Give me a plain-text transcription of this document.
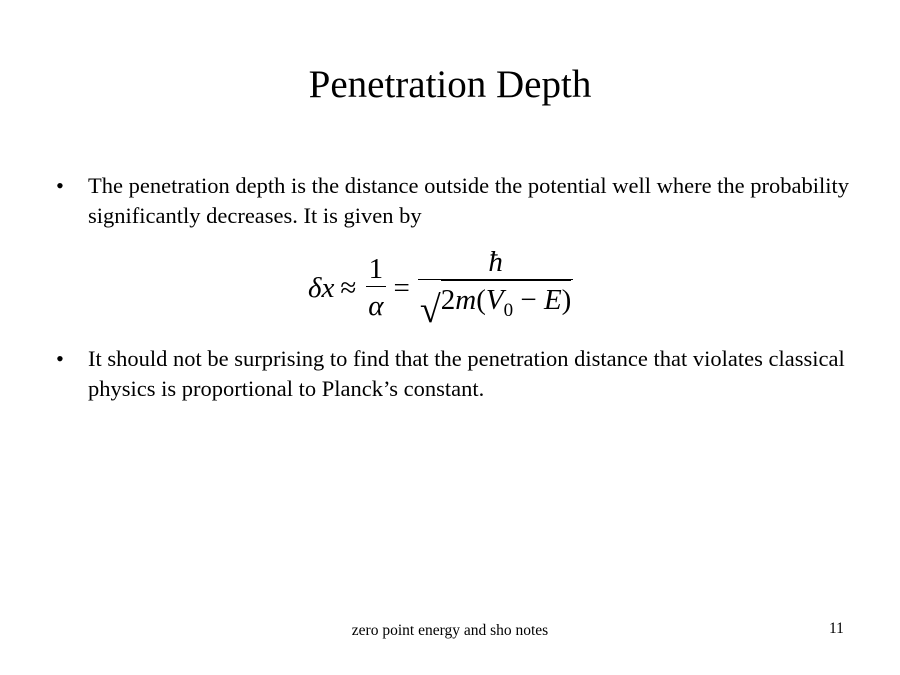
Penetration Depth
• The penetration depth is the distance outside the potential well where the probability significantly decreases. It is given by
$\delta x \approx \frac{1}{\alpha} = \frac{ħ}{√ 2m(V_0 - E)}$
• It should not be surprising to find that the penetration distance that violates classical physics is proportional to Planck’s constant.
zero point energy and sho notes	11
